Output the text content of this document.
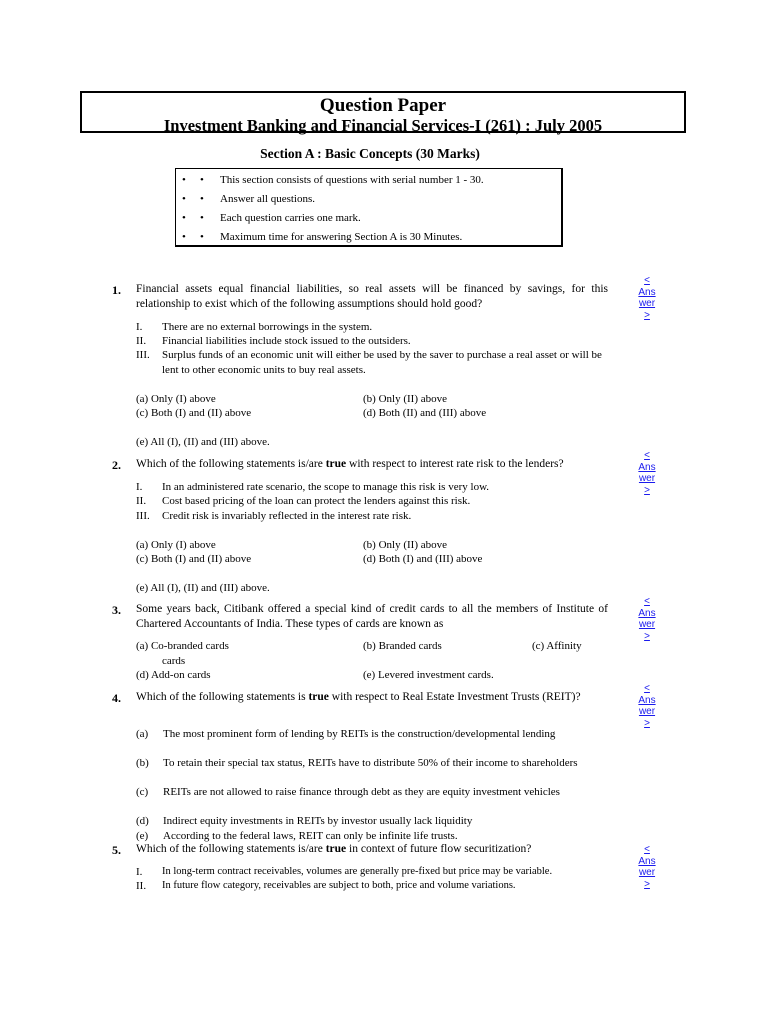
Question Paper
Investment Banking and Financial Services-I (261) : July 2005
Section A : Basic Concepts (30 Marks)
• • This section consists of questions with serial number 1 - 30.
• • Answer all questions.
• • Each question carries one mark.
• • Maximum time for answering Section A is 30 Minutes.
1. Financial assets equal financial liabilities, so real assets will be financed by savings, for this relationship to exist which of the following assumptions should hold good?
<
Ans
wer
>
I. There are no external borrowings in the system.
II. Financial liabilities include stock issued to the outsiders.
III. Surplus funds of an economic unit will either be used by the saver to purchase a real asset or will be lent to other economic units to buy real assets.
(a) Only (I) above	(b) Only (II) above
(c) Both (I) and (II) above	(d) Both (II) and (III) above
(e) All (I), (II) and (III) above.
2. Which of the following statements is/are true with respect to interest rate risk to the lenders?
<
Ans
wer
>
I. In an administered rate scenario, the scope to manage this risk is very low.
II. Cost based pricing of the loan can protect the lenders against this risk.
III. Credit risk is invariably reflected in the interest rate risk.
(a) Only (I) above	(b) Only (II) above
(c) Both (I) and (II) above	(d) Both (I) and (III) above
(e) All (I), (II) and (III) above.
3. Some years back, Citibank offered a special kind of credit cards to all the members of Institute of Chartered Accountants of India. These types of cards are known as
<
Ans
wer
>
(a) Co-branded cards	(b) Branded cards	(c) Affinity
cards
(d) Add-on cards	(e) Levered investment cards.
4. Which of the following statements is true with respect to Real Estate Investment Trusts (REIT)?
<
Ans
wer
>
(a) The most prominent form of lending by REITs is the construction/developmental lending
(b) To retain their special tax status, REITs have to distribute 50% of their income to shareholders
(c) REITs are not allowed to raise finance through debt as they are equity investment vehicles
(d) Indirect equity investments in REITs by investor usually lack liquidity
(e) According to the federal laws, REIT can only be infinite life trusts.
5. Which of the following statements is/are true in context of future flow securitization?	<
Ans
wer
>
I. In long-term contract receivables, volumes are generally pre-fixed but price may be variable.
II. In future flow category, receivables are subject to both, price and volume variations.
